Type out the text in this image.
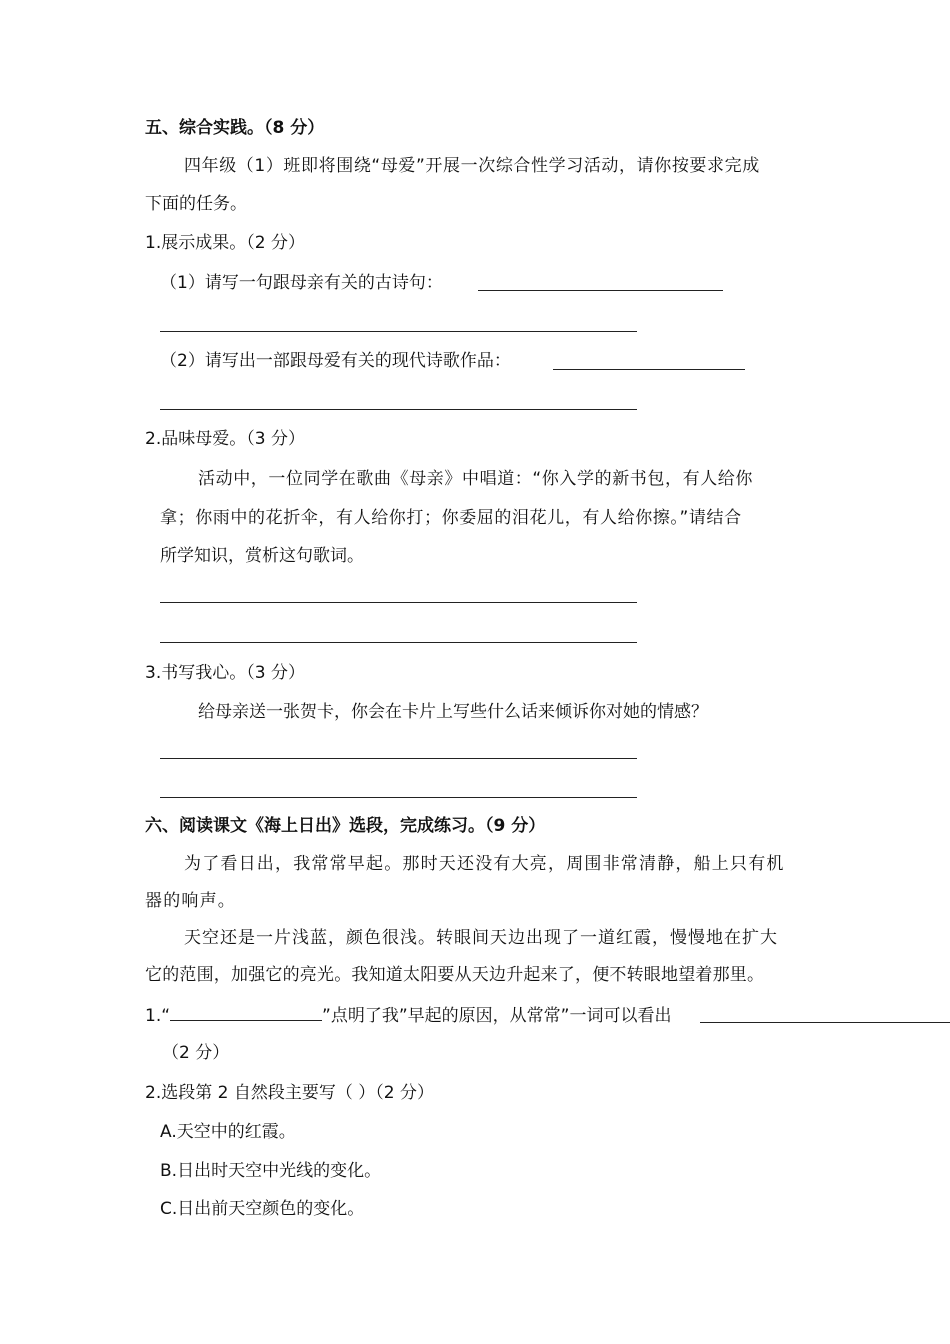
五、综合实践。（8 分）
四年级（1）班即将围绕“母爱”开展一次综合性学习活动，请你按要求完成
下面的任务。
1.展示成果。（2 分）
（1）请写一句跟母亲有关的古诗句：
（2）请写出一部跟母爱有关的现代诗歌作品：
2.品味母爱。（3 分）
活动中，一位同学在歌曲《母亲》中唱道：“你入学的新书包，有人给你
拿；你雨中的花折伞，有人给你打；你委屈的泪花儿，有人给你擦。”请结合
所学知识，赏析这句歌词。
3.书写我心。（3 分）
给母亲送一张贺卡，你会在卡片上写些什么话来倾诉你对她的情感？
六、阅读课文《海上日出》选段，完成练习。（9 分）
为了看日出，我常常早起。那时天还没有大亮，周围非常清静，船上只有机
器的响声。
天空还是一片浅蓝，颜色很浅。转眼间天边出现了一道红霞，慢慢地在扩大
它的范围，加强它的亮光。我知道太阳要从天边升起来了，便不转眼地望着那里。
1.“	”点明了我”早起的原因，从常常”一词可以看出
（2 分）
2.选段第 2 自然段主要写（ ）（2 分）
A.天空中的红霞。
B.日出时天空中光线的变化。
C.日出前天空颜色的变化。
